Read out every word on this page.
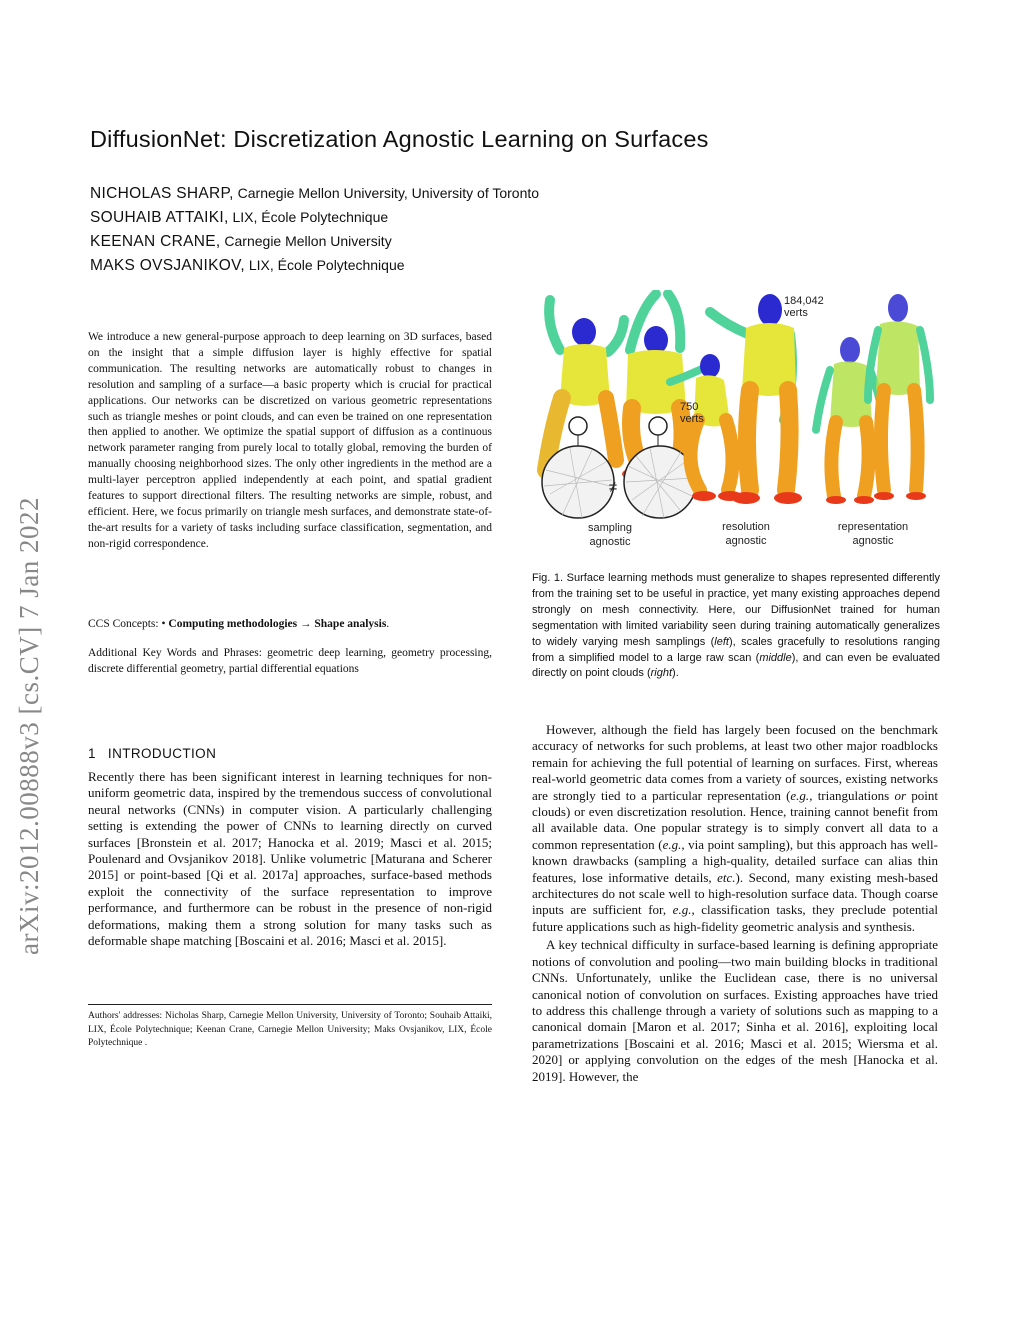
DiffusionNet: Discretization Agnostic Learning on Surfaces
NICHOLAS SHARP, Carnegie Mellon University, University of Toronto
SOUHAIB ATTAIKI, LIX, École Polytechnique
KEENAN CRANE, Carnegie Mellon University
MAKS OVSJANIKOV, LIX, École Polytechnique
arXiv:2012.00888v3 [cs.CV] 7 Jan 2022
We introduce a new general-purpose approach to deep learning on 3D surfaces, based on the insight that a simple diffusion layer is highly effective for spatial communication. The resulting networks are automatically robust to changes in resolution and sampling of a surface—a basic property which is crucial for practical applications. Our networks can be discretized on various geometric representations such as triangle meshes or point clouds, and can even be trained on one representation then applied to another. We optimize the spatial support of diffusion as a continuous network parameter ranging from purely local to totally global, removing the burden of manually choosing neighborhood sizes. The only other ingredients in the method are a multi-layer perceptron applied independently at each point, and spatial gradient features to support directional filters. The resulting networks are simple, robust, and efficient. Here, we focus primarily on triangle mesh surfaces, and demonstrate state-of-the-art results for a variety of tasks including surface classification, segmentation, and non-rigid correspondence.
CCS Concepts: • Computing methodologies → Shape analysis.
Additional Key Words and Phrases: geometric deep learning, geometry processing, discrete differential geometry, partial differential equations
1 INTRODUCTION

Recently there has been significant interest in learning techniques for non-uniform geometric data, inspired by the tremendous success of convolutional neural networks (CNNs) in computer vision. A particularly challenging setting is extending the power of CNNs to learning directly on curved surfaces [Bronstein et al. 2017; Hanocka et al. 2019; Masci et al. 2015; Poulenard and Ovsjanikov 2018]. Unlike volumetric [Maturana and Scherer 2015] or point-based [Qi et al. 2017a] approaches, surface-based methods exploit the connectivity of the surface representation to improve performance, and furthermore can be robust in the presence of non-rigid deformations, making them a strong solution for many tasks such as deformable shape matching [Boscaini et al. 2016; Masci et al. 2015].

Authors' addresses: Nicholas Sharp, Carnegie Mellon University, University of Toronto; Souhaib Attaiki, LIX, École Polytechnique; Keenan Crane, Carnegie Mellon University; Maks Ovsjanikov, LIX, École Polytechnique .
≠
184,042
verts
750
verts
sampling
agnostic
resolution
agnostic
representation
agnostic
Fig. 1. Surface learning methods must generalize to shapes represented differently from the training set to be useful in practice, yet many existing approaches depend strongly on mesh connectivity. Here, our DiffusionNet trained for human segmentation with limited variability seen during training automatically generalizes to widely varying mesh samplings (left), scales gracefully to resolutions ranging from a simplified model to a large raw scan (middle), and can even be evaluated directly on point clouds (right).

However, although the field has largely been focused on the benchmark accuracy of networks for such problems, at least two other major roadblocks remain for achieving the full potential of learning on surfaces. First, whereas real-world geometric data comes from a variety of sources, existing networks are strongly tied to a particular representation (e.g., triangulations or point clouds) or even discretization resolution. Hence, training cannot benefit from all available data. One popular strategy is to simply convert all data to a common representation (e.g., via point sampling), but this approach has well-known drawbacks (sampling a high-quality, detailed surface can alias thin features, lose informative details, etc.). Second, many existing mesh-based architectures do not scale well to high-resolution surface data. Though coarse inputs are sufficient for, e.g., classification tasks, they preclude potential future applications such as high-fidelity geometric analysis and synthesis.

A key technical difficulty in surface-based learning is defining appropriate notions of convolution and pooling—two main building blocks in traditional CNNs. Unfortunately, unlike the Euclidean case, there is no universal canonical notion of convolution on surfaces. Existing approaches have tried to address this challenge through a variety of solutions such as mapping to a canonical domain [Maron et al. 2017; Sinha et al. 2016], exploiting local parametrizations [Boscaini et al. 2016; Masci et al. 2015; Wiersma et al. 2020] or applying convolution on the edges of the mesh [Hanocka et al. 2019]. However, the
